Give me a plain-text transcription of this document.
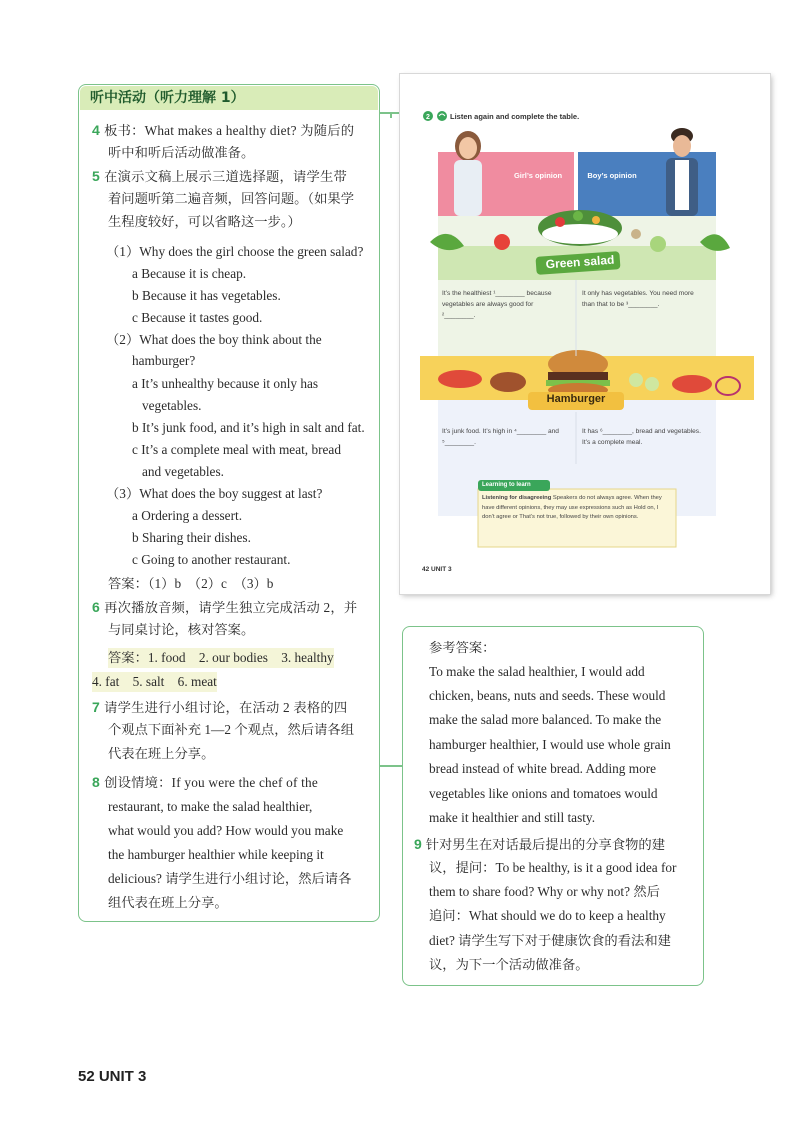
听中活动（听力理解 1）
4 板书：What makes a healthy diet? 为随后的
听中和听后活动做准备。
5 在演示文稿上展示三道选择题，请学生带
着问题听第二遍音频，回答问题。（如果学
生程度较好，可以省略这一步。）
（1）Why does the girl choose the green salad?
a Because it is cheap.
b Because it has vegetables.
c Because it tastes good.
（2）What does the boy think about the
hamburger?
a It’s unhealthy because it only has
vegetables.
b It’s junk food, and it’s high in salt and fat.
c It’s a complete meal with meat, bread
and vegetables.
（3）What does the boy suggest at last?
a Ordering a dessert.
b Sharing their dishes.
c Going to another restaurant.
答案：（1）b　（2）c　（3）b
6 再次播放音频，请学生独立完成活动 2，并
与同桌讨论，核对答案。
答案：1. food　2. our bodies　3. healthy
4. fat　5. salt　6. meat
7 请学生进行小组讨论，在活动 2 表格的四
个观点下面补充 1—2 个观点，然后请各组
代表在班上分享。
8 创设情境：If you were the chef of the
restaurant, to make the salad healthier,
what would you add? How would you make
the hamburger healthier while keeping it
delicious? 请学生进行小组讨论，然后请各
组代表在班上分享。
参考答案：
To make the salad healthier, I would add
chicken, beans, nuts and seeds. These would
make the salad more balanced. To make the
hamburger healthier, I would use whole grain
bread instead of white bread. Adding more
vegetables like onions and tomatoes would
make it healthier and still tasty.
9 针对男生在对话最后提出的分享食物的建
议，提问：To be healthy, is it a good idea for
them to share food? Why or why not? 然后
追问：What should we do to keep a healthy
diet? 请学生写下对于健康饮食的看法和建
议，为下一个活动做准备。
2	Listen again and complete the table.
Girl’s opinion	Boy’s opinion
Green salad
It’s the healthiest ¹________ because vegetables are always good for ²________.
It only has vegetables. You need more than that to be ³________.
Hamburger
It’s junk food. It’s high in ⁴________ and ⁵________.
It has ⁶________, bread and vegetables. It’s a complete meal.
Learning to learn
Listening for disagreeing Speakers do not always agree. When they have different opinions, they may use expressions such as Hold on, I don’t agree or That’s not true, followed by their own opinions.
42 UNIT 3
52 UNIT 3
